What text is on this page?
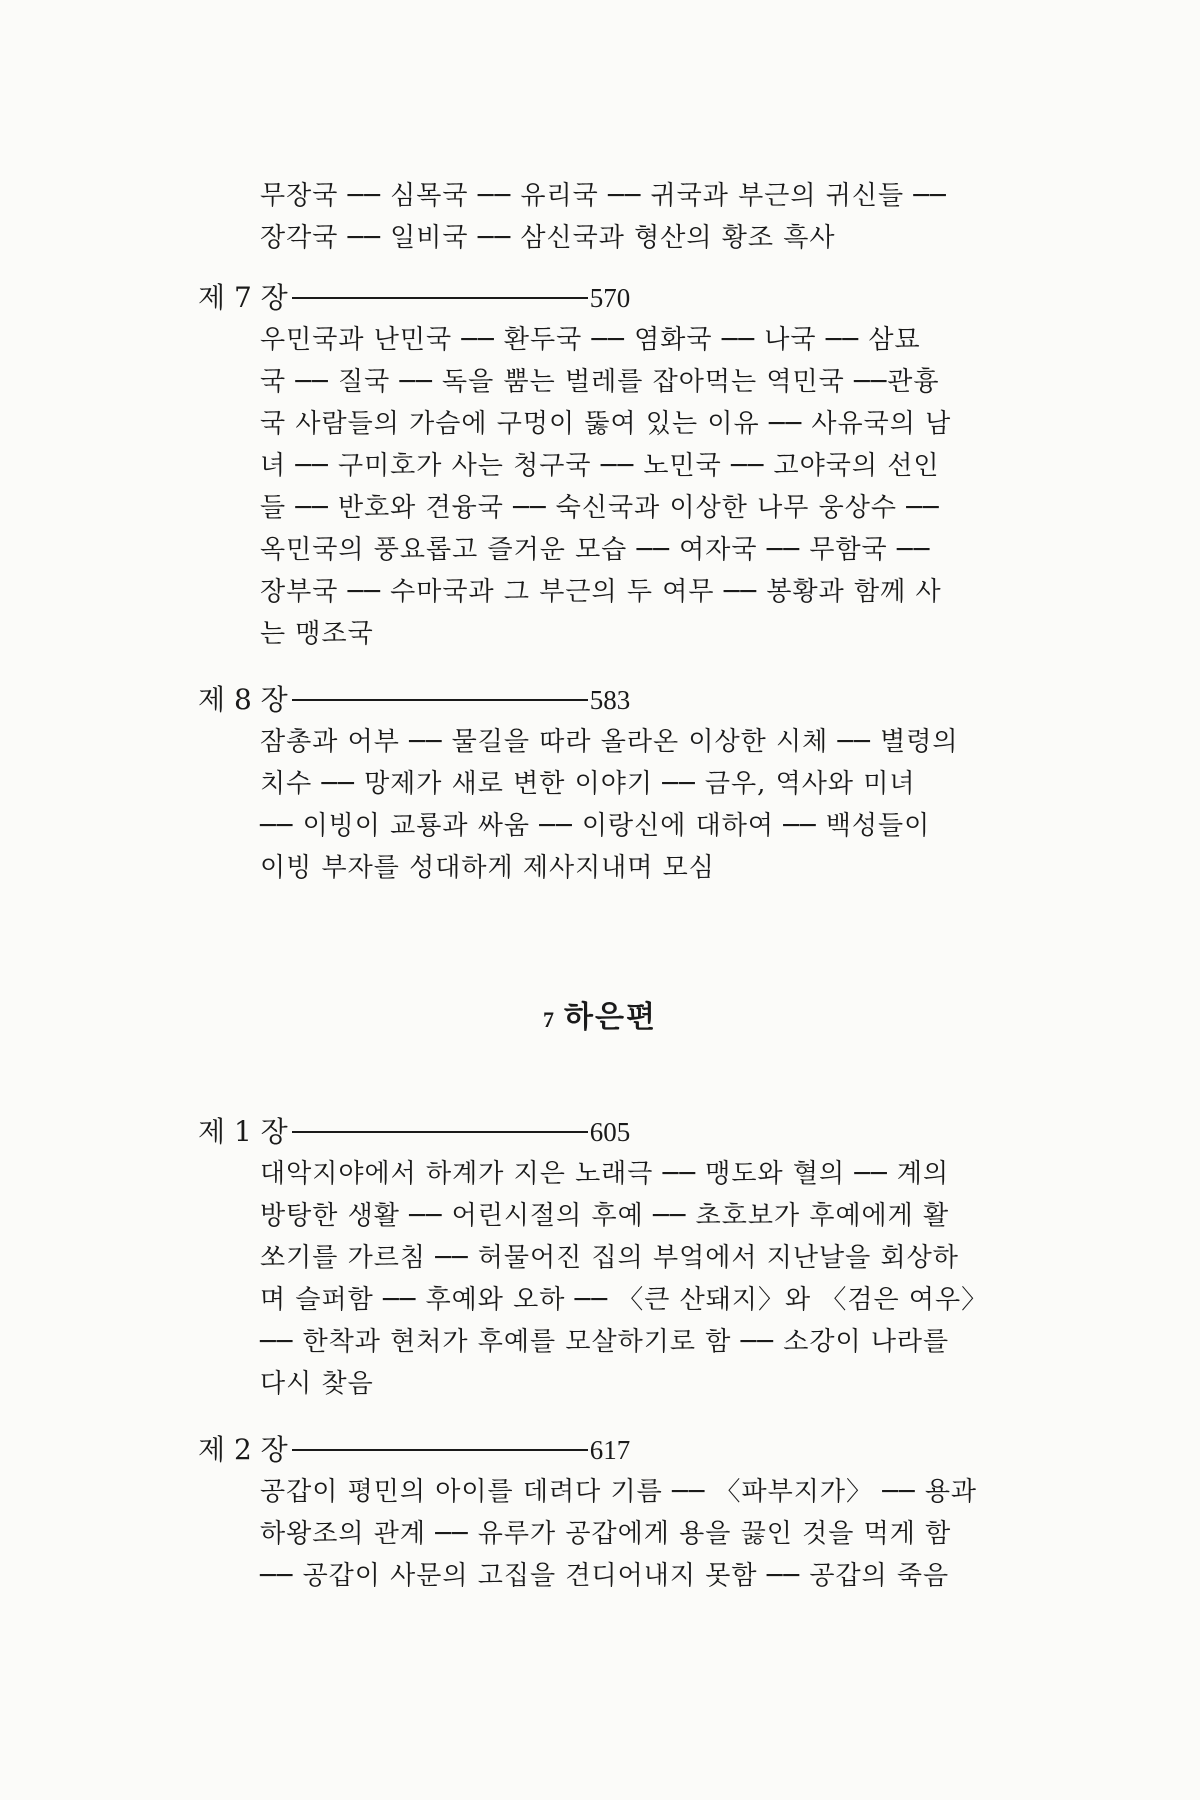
무장국 ── 심목국 ── 유리국 ── 귀국과 부근의 귀신들 ──
장각국 ── 일비국 ── 삼신국과 형산의 황조 흑사
제 7 장	570
우민국과 난민국 ── 환두국 ── 염화국 ── 나국 ── 삼묘
국 ── 질국 ── 독을 뿜는 벌레를 잡아먹는 역민국 ──관흉
국 사람들의 가슴에 구멍이 뚫여 있는 이유 ── 사유국의 남
녀 ── 구미호가 사는 청구국 ── 노민국 ── 고야국의 선인
들 ── 반호와 견융국 ── 숙신국과 이상한 나무 웅상수 ──
옥민국의 풍요롭고 즐거운 모습 ── 여자국 ── 무함국 ──
장부국 ── 수마국과 그 부근의 두 여무 ── 봉황과 함께 사
는 맹조국
제 8 장	583
잠총과 어부 ── 물길을 따라 올라온 이상한 시체 ── 별령의
치수 ── 망제가 새로 변한 이야기 ── 금우, 역사와 미녀
── 이빙이 교룡과 싸움 ── 이랑신에 대하여 ── 백성들이
이빙 부자를 성대하게 제사지내며 모심
7 하은편
제 1 장	605
대악지야에서 하계가 지은 노래극 ── 맹도와 혈의 ── 계의
방탕한 생활 ── 어린시절의 후예 ── 초호보가 후예에게 활
쏘기를 가르침 ── 허물어진 집의 부엌에서 지난날을 회상하
며 슬퍼함 ── 후예와 오하 ── 〈큰 산돼지〉와 〈검은 여우〉
── 한착과 현처가 후예를 모살하기로 함 ── 소강이 나라를
다시 찾음
제 2 장	617
공갑이 평민의 아이를 데려다 기름 ── 〈파부지가〉 ── 용과
하왕조의 관계 ── 유루가 공갑에게 용을 끓인 것을 먹게 함
── 공갑이 사문의 고집을 견디어내지 못함 ── 공갑의 죽음
